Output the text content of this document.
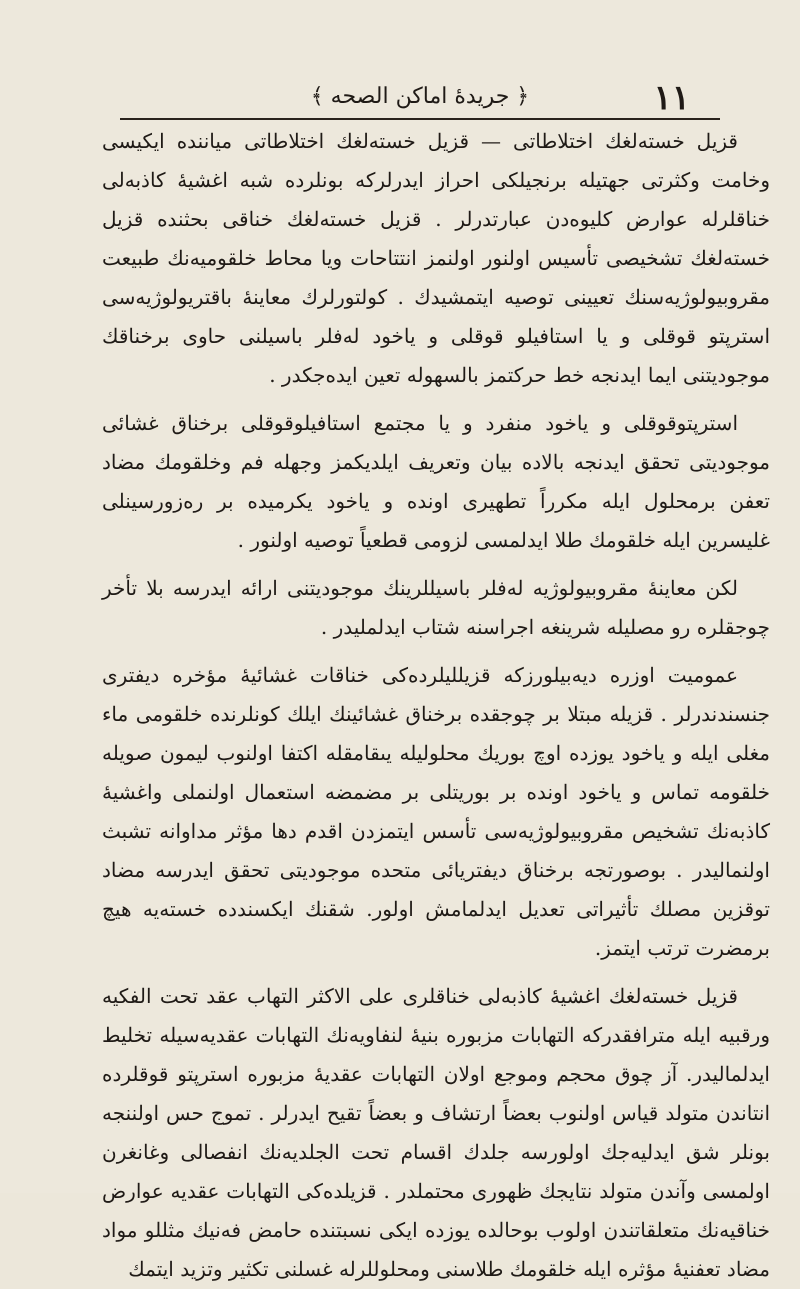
١١
﴿ جريدهٔ اماكن الصحه ﴾

قزيل خستەلغك اختلاطاتى — قزيل خستەلغك اختلاطاتى ميانندە ايكيسى وخامت وكثرتى جهتيلە برنجيلكى احراز ايدرلركە بونلردە شبە اغشيهٔ كاذبەلى خناقلرلە عوارض كليوەدن عبارتدرلر . قزيل خستەلغك خناقى بحثندە قزيل خستەلغك تشخيصى تأسيس اولنور اولنمز انتتاحات ويا محاط خلقوميەنك طبيعت مقروبيولوژيەسنك تعيينى توصيە ايتمشيدك . كولتورلرك معاينهٔ باقتريولوژيەسى استرپتو قوقلى و يا استافيلو قوقلى و ياخود لەفلر باسيلنى حاوى برخناقك موجوديتنى ايما ايدنجە خط حركتمز بالسهولە تعين ايدەجكدر .

استرپتوقوقلى و ياخود منفرد و يا مجتمع استافيلوقوقلى برخناق غشائى موجوديتى تحقق ايدنجە بالادە بيان وتعريف ايلديكمز وجهلە فم وخلقومك مضاد تعفن برمحلول ايلە مكرراً تطهيرى اوندە و ياخود يكرميدە بر رەزورسينلى غليسرين ايلە خلقومك طلا ايدلمسى لزومى قطعياً توصيە اولنور .

لكن معاينهٔ مقروبيولوژيە لەفلر باسيللرينك موجوديتنى ارائە ايدرسە بلا تأخر چوجقلرە رو مصليلە شرينغە اجراسنە شتاب ايدلمليدر .

عموميت اوزرە ديەبيلورزكە قزيلليلردەكى خناقات غشائيهٔ مؤخرە ديفترى جنسندندرلر . قزيلە مبتلا بر چوجقدە برخناق غشائينك ايلك كونلرندە خلقومى ماء مغلى ايلە و ياخود يوزدە اوچ بوريك محلوليلە يىقامقلە اكتفا اولنوب ليمون صويلە خلقومە تماس و ياخود اوندە بر بوريتلى بر مضمضە استعمال اولنملى واغشيهٔ كاذبەنك تشخيص مقروبيولوژيەسى تأسس ايتمزدن اقدم دها مؤثر مداوانە تشبث اولنماليدر . بوصورتجە برخناق ديفتريائى متحدە موجوديتى تحقق ايدرسە مضاد توقزين مصلك تأثيراتى تعديل ايدلمامش اولور. شقنك ايكسنددە خستەيە هيچ برمضرت ترتب ايتمز.

قزيل خستەلغك اغشيهٔ كاذبەلى خناقلرى على الاكثر التهاب عقد تحت الفكيە ورقبيە ايلە مترافقدركە التهابات مزبورە بنيهٔ لنفاويەنك التهابات عقديەسيلە تخليط ايدلماليدر. آز چوق محجم وموجع اولان التهابات عقديهٔ مزبورە استرپتو قوقلردە انتاندن متولد قياس اولنوب بعضاً ارتشاف و بعضاً تقيح ايدرلر . تموج حس اولننجە بونلر شق ايدليەجك اولورسە جلدك اقسام تحت الجلديەنك انفصالى وغانغرن اولمسى وآندن متولد نتايجك ظهورى محتملدر . قزيلدەكى التهابات عقديە عوارض خناقيەنك متعلقاتندن اولوب بوحالدە يوزدە ايكى نسبتندە حامض فەنيك مثللو مواد مضاد تعفنيهٔ مؤثرە ايلە خلقومك طلاسنى ومحلوللرلە غسلنى تكثير وتزيد ايتمك
